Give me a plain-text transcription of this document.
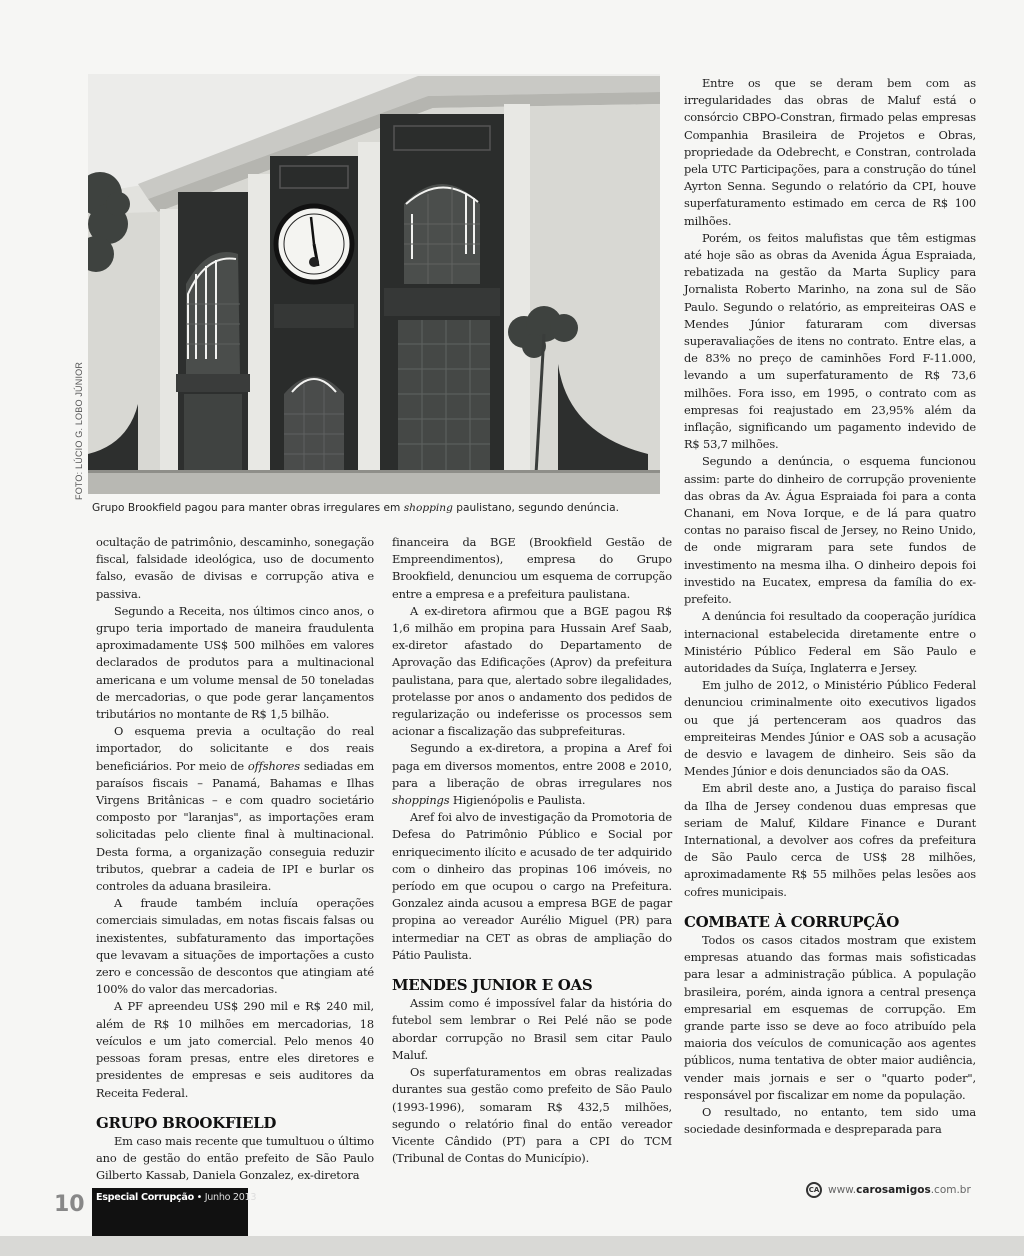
FOTO: LÚCIO G. LOBO JÚNIOR
Grupo Brookfield pagou para manter obras irregulares em shopping paulistano, segundo denúncia.

ocultação de patrimônio, descaminho, sonegação fiscal, falsidade ideológica, uso de documento falso, evasão de divisas e corrupção ativa e passiva.

Segundo a Receita, nos últimos cinco anos, o grupo teria importado de maneira fraudulenta aproximadamente US$ 500 milhões em valores declarados de produtos para a multinacional americana e um volume mensal de 50 toneladas de mercadorias, o que pode gerar lançamentos tributários no montante de R$ 1,5 bilhão.

O esquema previa a ocultação do real importador, do solicitante e dos reais beneficiários. Por meio de offshores sediadas em paraísos fiscais – Panamá, Bahamas e Ilhas Virgens Britânicas – e com quadro societário composto por "laranjas", as importações eram solicitadas pelo cliente final à multinacional. Desta forma, a organização conseguia reduzir tributos, quebrar a cadeia de IPI e burlar os controles da aduana brasileira.

A fraude também incluía operações comerciais simuladas, em notas fiscais falsas ou inexistentes, subfaturamento das importações que levavam a situações de importações a custo zero e concessão de descontos que atingiam até 100% do valor das mercadorias.

A PF apreendeu US$ 290 mil e R$ 240 mil, além de R$ 10 milhões em mercadorias, 18 veículos e um jato comercial. Pelo menos 40 pessoas foram presas, entre eles diretores e presidentes de empresas e seis auditores da Receita Federal.

GRUPO BROOKFIELD

Em caso mais recente que tumultuou o último ano de gestão do então prefeito de São Paulo Gilberto Kassab, Daniela Gonzalez, ex-diretora

financeira da BGE (Brookfield Gestão de Empreendimentos), empresa do Grupo Brookfield, denunciou um esquema de corrupção entre a empresa e a prefeitura paulistana.

A ex-diretora afirmou que a BGE pagou R$ 1,6 milhão em propina para Hussain Aref Saab, ex-diretor afastado do Departamento de Aprovação das Edificações (Aprov) da prefeitura paulistana, para que, alertado sobre ilegalidades, protelasse por anos o andamento dos pedidos de regularização ou indeferisse os processos sem acionar a fiscalização das subprefeituras.

Segundo a ex-diretora, a propina a Aref foi paga em diversos momentos, entre 2008 e 2010, para a liberação de obras irregulares nos shoppings Higienópolis e Paulista.

Aref foi alvo de investigação da Promotoria de Defesa do Patrimônio Público e Social por enriquecimento ilícito e acusado de ter adquirido com o dinheiro das propinas 106 imóveis, no período em que ocupou o cargo na Prefeitura. Gonzalez ainda acusou a empresa BGE de pagar propina ao vereador Aurélio Miguel (PR) para intermediar na CET as obras de ampliação do Pátio Paulista.

MENDES JUNIOR E OAS

Assim como é impossível falar da história do futebol sem lembrar o Rei Pelé não se pode abordar corrupção no Brasil sem citar Paulo Maluf.

Os superfaturamentos em obras realizadas durantes sua gestão como prefeito de São Paulo (1993-1996), somaram R$ 432,5 milhões, segundo o relatório final do então vereador Vicente Cândido (PT) para a CPI do TCM (Tribunal de Contas do Município).

Entre os que se deram bem com as irregularidades das obras de Maluf está o consórcio CBPO-Constran, firmado pelas empresas Companhia Brasileira de Projetos e Obras, propriedade da Odebrecht, e Constran, controlada pela UTC Participações, para a construção do túnel Ayrton Senna. Segundo o relatório da CPI, houve superfaturamento estimado em cerca de R$ 100 milhões.

Porém, os feitos malufistas que têm estigmas até hoje são as obras da Avenida Água Espraiada, rebatizada na gestão da Marta Suplicy para Jornalista Roberto Marinho, na zona sul de São Paulo. Segundo o relatório, as empreiteiras OAS e Mendes Júnior faturaram com diversas superavaliações de itens no contrato. Entre elas, a de 83% no preço de caminhões Ford F-11.000, levando a um superfaturamento de R$ 73,6 milhões. Fora isso, em 1995, o contrato com as empresas foi reajustado em 23,95% além da inflação, significando um pagamento indevido de R$ 53,7 milhões.

Segundo a denúncia, o esquema funcionou assim: parte do dinheiro de corrupção proveniente das obras da Av. Água Espraiada foi para a conta Chanani, em Nova Iorque, e de lá para quatro contas no paraiso fiscal de Jersey, no Reino Unido, de onde migraram para sete fundos de investimento na mesma ilha. O dinheiro depois foi investido na Eucatex, empresa da família do ex-prefeito.

A denúncia foi resultado da cooperação jurídica internacional estabelecida diretamente entre o Ministério Público Federal em São Paulo e autoridades da Suíça, Inglaterra e Jersey.

Em julho de 2012, o Ministério Público Federal denunciou criminalmente oito executivos ligados ou que já pertenceram aos quadros das empreiteiras Mendes Júnior e OAS sob a acusação de desvio e lavagem de dinheiro. Seis são da Mendes Júnior e dois denunciados são da OAS.

Em abril deste ano, a Justiça do paraiso fiscal da Ilha de Jersey condenou duas empresas que seriam de Maluf, Kildare Finance e Durant International, a devolver aos cofres da prefeitura de São Paulo cerca de US$ 28 milhões, aproximadamente R$ 55 milhões pelas lesões aos cofres municipais.

COMBATE À CORRUPÇÃO

Todos os casos citados mostram que existem empresas atuando das formas mais sofisticadas para lesar a administração pública. A população brasileira, porém, ainda ignora a central presença empresarial em esquemas de corrupção. Em grande parte isso se deve ao foco atribuído pela maioria dos veículos de comunicação aos agentes públicos, numa tentativa de obter maior audiência, vender mais jornais e ser o "quarto poder", responsável por fiscalizar em nome da população.

O resultado, no entanto, tem sido uma sociedade desinformada e despreparada para

10 Especial Corrupção • Junho 2013
CA www. carosamigos .com.br
